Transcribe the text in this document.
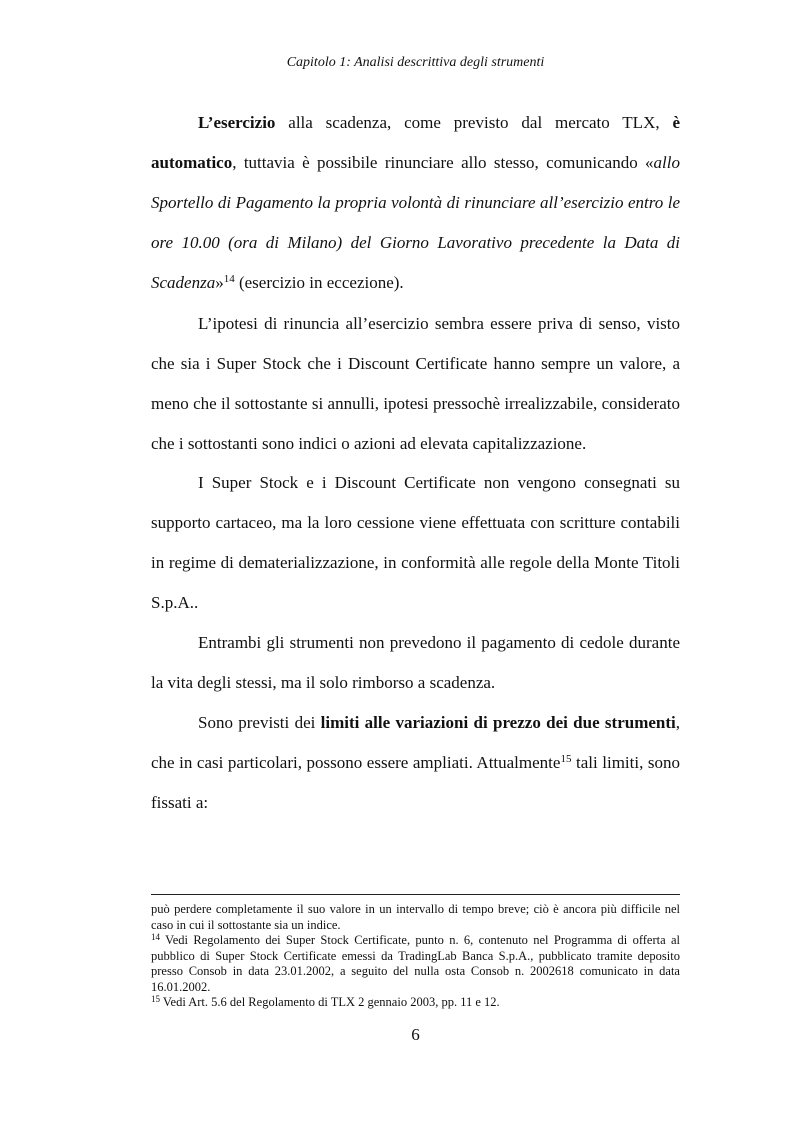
Capitolo 1: Analisi descrittiva degli strumenti

L’esercizio alla scadenza, come previsto dal mercato TLX, è automatico, tuttavia è possibile rinunciare allo stesso, comunicando «allo Sportello di Pagamento la propria volontà di rinunciare all’esercizio entro le ore 10.00 (ora di Milano) del Giorno Lavorativo precedente la Data di Scadenza»$^{14}$ (esercizio in eccezione).

L’ipotesi di rinuncia all’esercizio sembra essere priva di senso, visto che sia i Super Stock che i Discount Certificate hanno sempre un valore, a meno che il sottostante si annulli, ipotesi pressochè irrealizzabile, considerato che i sottostanti sono indici o azioni ad elevata capitalizzazione.

I Super Stock e i Discount Certificate non vengono consegnati su supporto cartaceo, ma la loro cessione viene effettuata con scritture contabili in regime di dematerializzazione, in conformità alle regole della Monte Titoli S.p.A..

Entrambi gli strumenti non prevedono il pagamento di cedole durante la vita degli stessi, ma il solo rimborso a scadenza.

Sono previsti dei limiti alle variazioni di prezzo dei due strumenti, che in casi particolari, possono essere ampliati. Attualmente$^{15}$ tali limiti, sono fissati a:

può perdere completamente il suo valore in un intervallo di tempo breve; ciò è ancora più difficile nel caso in cui il sottostante sia un indice.

$^{14}$ Vedi Regolamento dei Super Stock Certificate, punto n. 6, contenuto nel Programma di offerta al pubblico di Super Stock Certificate emessi da TradingLab Banca S.p.A., pubblicato tramite deposito presso Consob in data 23.01.2002, a seguito del nulla osta Consob n. 2002618 comunicato in data 16.01.2002.

$^{15}$ Vedi Art. 5.6 del Regolamento di TLX 2 gennaio 2003, pp. 11 e 12.

6
